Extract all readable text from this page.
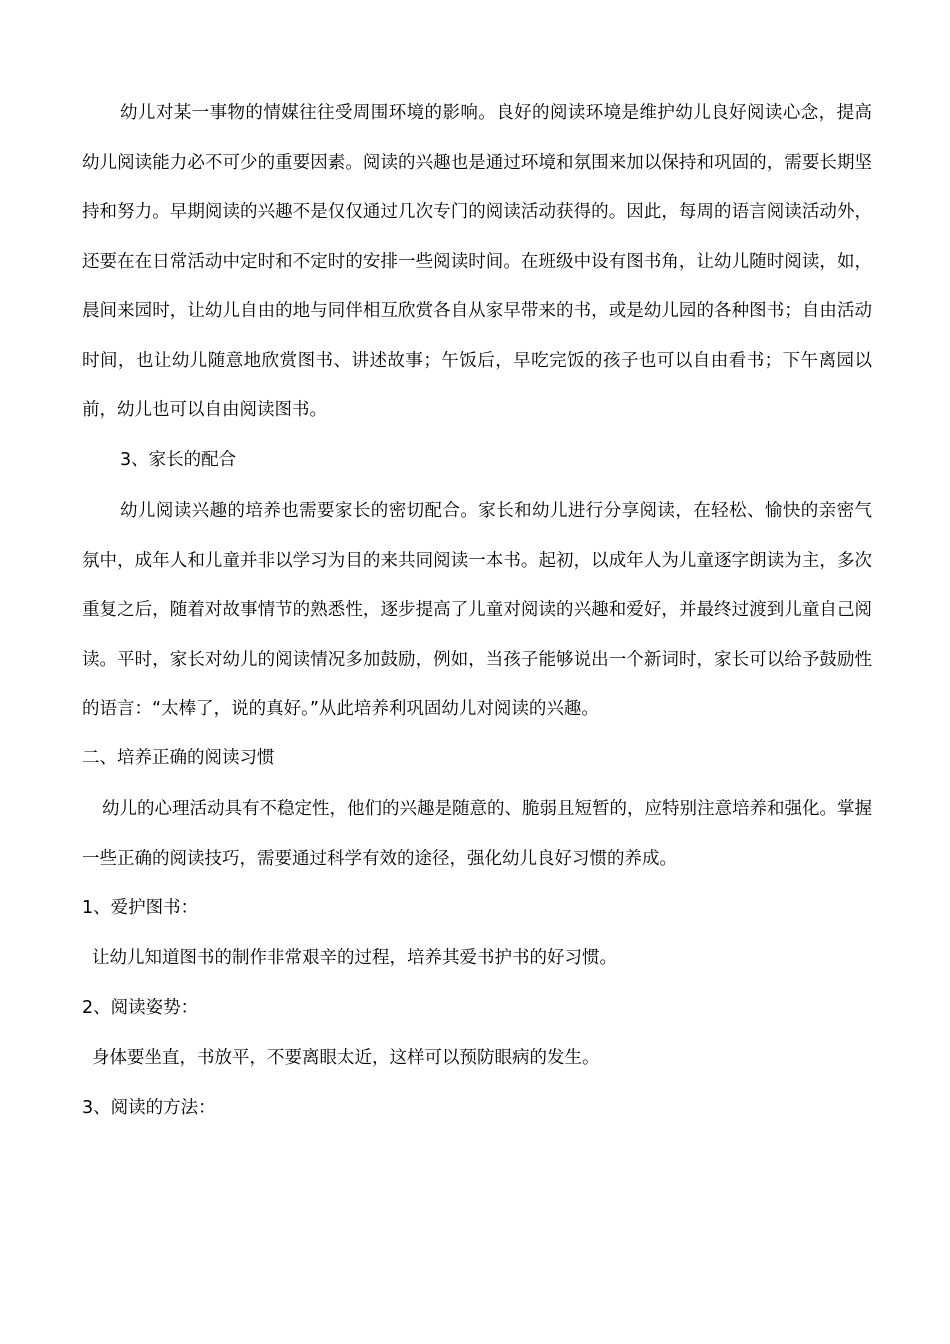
幼儿对某一事物的情媒往往受周围环境的影响。良好的阅读环境是维护幼儿良好阅读心念，提高幼儿阅读能力必不可少的重要因素。阅读的兴趣也是通过环境和氛围来加以保持和巩固的，需要长期坚持和努力。早期阅读的兴趣不是仅仅通过几次专门的阅读活动获得的。因此，每周的语言阅读活动外，还要在在日常活动中定时和不定时的安排一些阅读时间。在班级中设有图书角，让幼儿随时阅读，如，晨间来园时，让幼儿自由的地与同伴相互欣赏各自从家早带来的书，或是幼儿园的各种图书；自由活动时间，也让幼儿随意地欣赏图书、讲述故事；午饭后，早吃完饭的孩子也可以自由看书；下午离园以前，幼儿也可以自由阅读图书。

3、家长的配合

幼儿阅读兴趣的培养也需要家长的密切配合。家长和幼儿进行分享阅读，在轻松、愉快的亲密气氛中，成年人和儿童并非以学习为目的来共同阅读一本书。起初，以成年人为儿童逐字朗读为主，多次重复之后，随着对故事情节的熟悉性，逐步提高了儿童对阅读的兴趣和爱好，并最终过渡到儿童自己阅读。平时，家长对幼儿的阅读情况多加鼓励，例如，当孩子能够说出一个新词时，家长可以给予鼓励性的语言：“太棒了，说的真好。”从此培养利巩固幼儿对阅读的兴趣。

二、培养正确的阅读习惯

幼儿的心理活动具有不稳定性，他们的兴趣是随意的、脆弱且短暂的，应特别注意培养和强化。掌握一些正确的阅读技巧，需要通过科学有效的途径，强化幼儿良好习惯的养成。

1、爱护图书：

让幼儿知道图书的制作非常艰辛的过程，培养其爱书护书的好习惯。

2、阅读姿势：

身体要坐直，书放平，不要离眼太近，这样可以预防眼病的发生。

3、阅读的方法：
